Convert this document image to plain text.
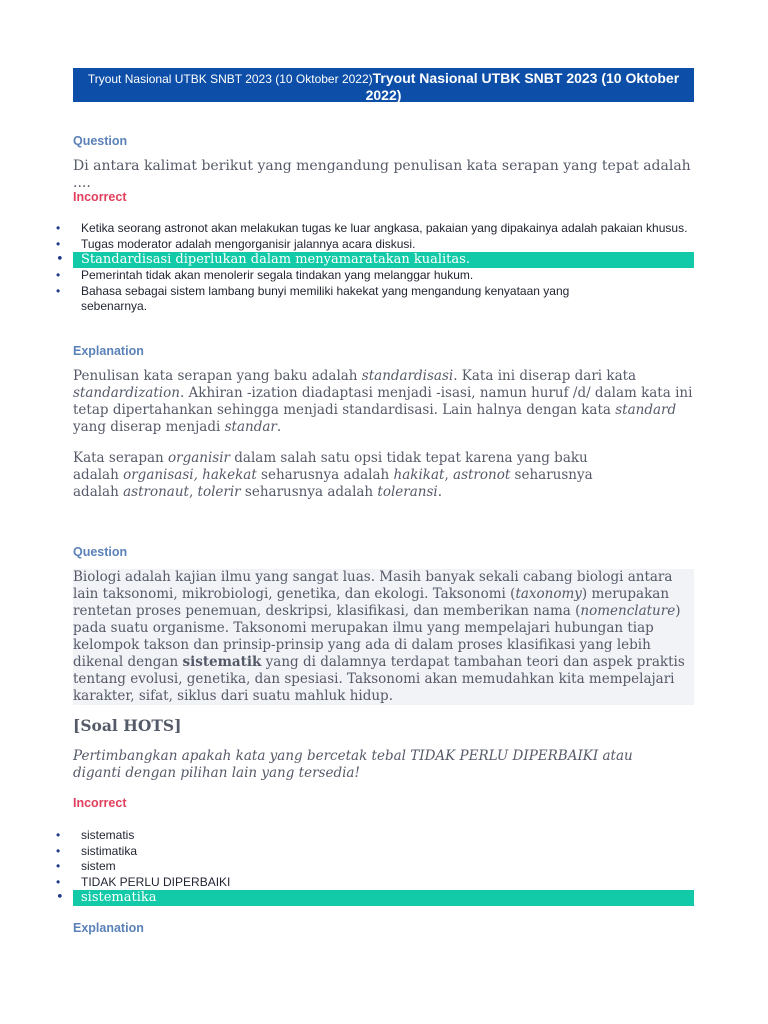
Tryout Nasional UTBK SNBT 2023 (10 Oktober 2022)Tryout Nasional UTBK SNBT 2023 (10 Oktober 2022)
Question
Di antara kalimat berikut yang mengandung penulisan kata serapan yang tepat adalah ....
Incorrect
• Ketika seorang astronot akan melakukan tugas ke luar angkasa, pakaian yang dipakainya adalah pakaian khusus.
• Tugas moderator adalah mengorganisir jalannya acara diskusi.
• Standardisasi diperlukan dalam menyamaratakan kualitas.
• Pemerintah tidak akan menolerir segala tindakan yang melanggar hukum.
• Bahasa sebagai sistem lambang bunyi memiliki hakekat yang mengandung kenyataan yang sebenarnya.
Explanation

Penulisan kata serapan yang baku adalah standardisasi. Kata ini diserap dari kata standardization. Akhiran -ization diadaptasi menjadi -isasi, namun huruf /d/ dalam kata ini tetap dipertahankan sehingga menjadi standardisasi. Lain halnya dengan kata standard yang diserap menjadi standar.

Kata serapan organisir dalam salah satu opsi tidak tepat karena yang baku adalah organisasi, hakekat seharusnya adalah hakikat, astronot seharusnya adalah astronaut, tolerir seharusnya adalah toleransi.

Question

Biologi adalah kajian ilmu yang sangat luas. Masih banyak sekali cabang biologi antara lain taksonomi, mikrobiologi, genetika, dan ekologi. Taksonomi (taxonomy) merupakan rentetan proses penemuan, deskripsi, klasifikasi, dan memberikan nama (nomenclature) pada suatu organisme. Taksonomi merupakan ilmu yang mempelajari hubungan tiap kelompok takson dan prinsip-prinsip yang ada di dalam proses klasifikasi yang lebih dikenal dengan sistematik yang di dalamnya terdapat tambahan teori dan aspek praktis tentang evolusi, genetika, dan spesiasi. Taksonomi akan memudahkan kita mempelajari karakter, sifat, siklus dari suatu mahluk hidup.

[Soal HOTS]
Pertimbangkan apakah kata yang bercetak tebal TIDAK PERLU DIPERBAIKI atau diganti dengan pilihan lain yang tersedia!
Incorrect
• sistematis
• sistimatika
• sistem
• TIDAK PERLU DIPERBAIKI
• sistematika
Explanation
